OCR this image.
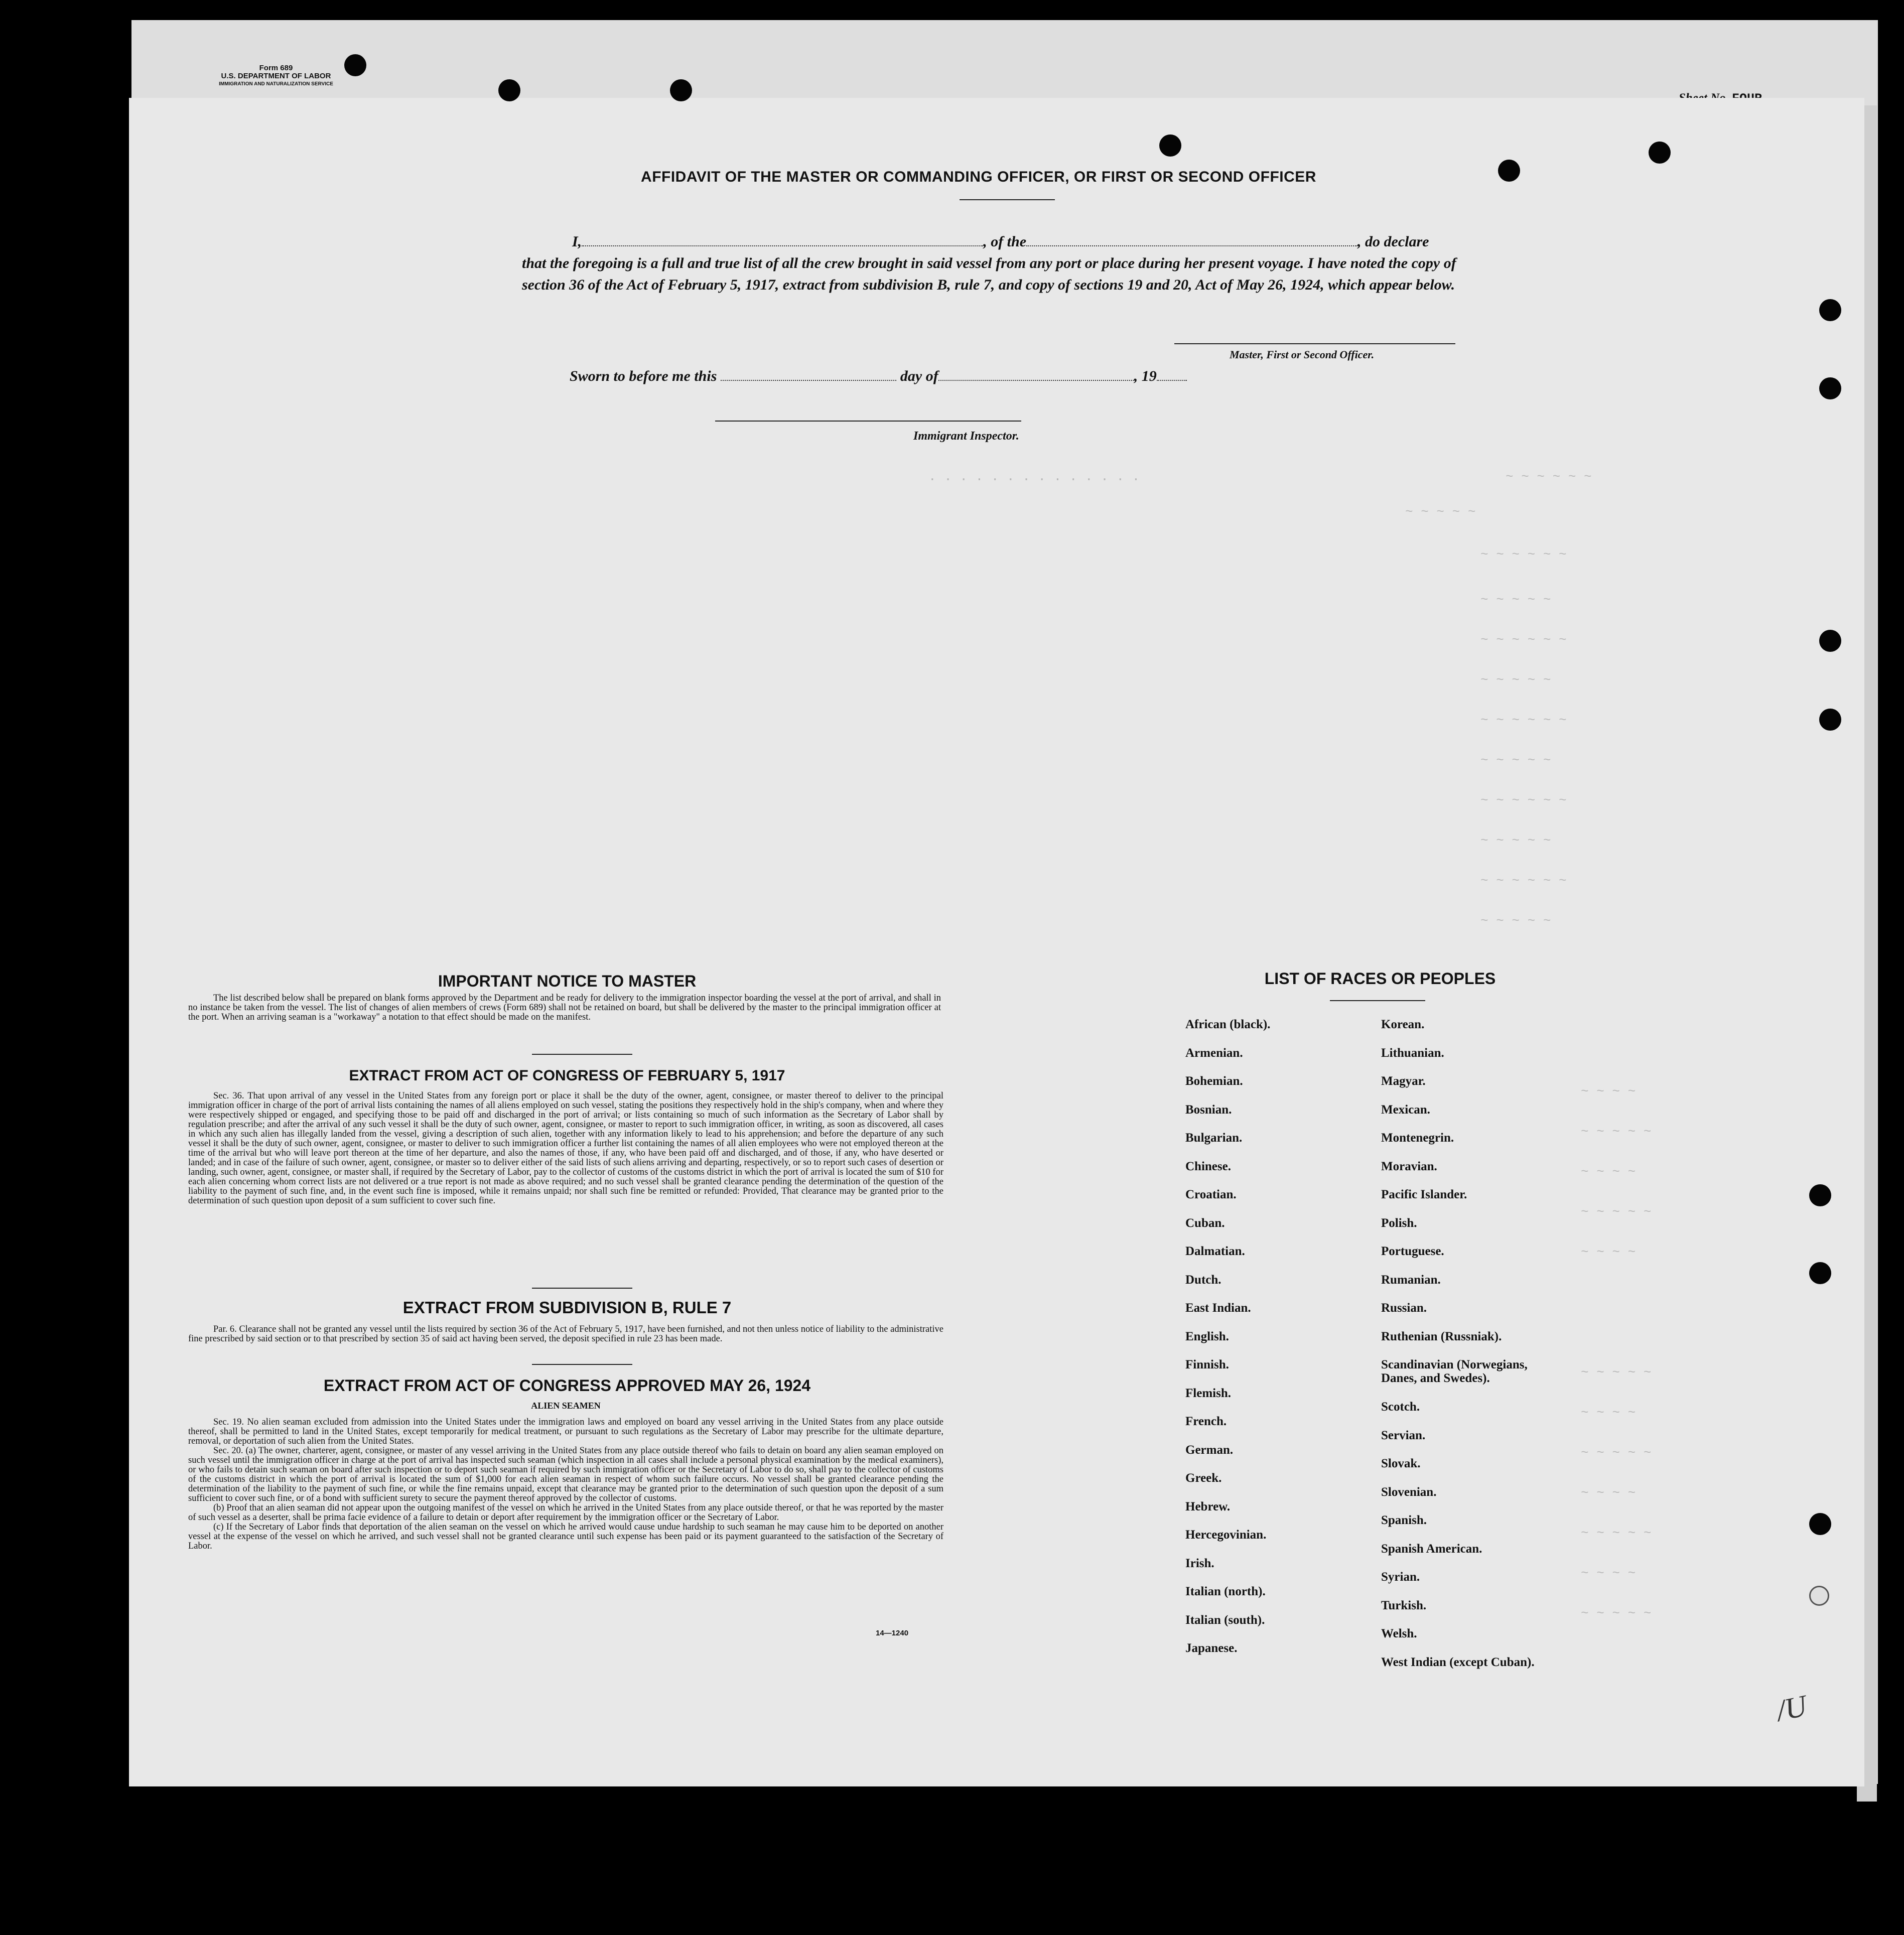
Form 689
U.S. DEPARTMENT OF LABOR
IMMIGRATION AND NATURALIZATION SERVICE
~ ~ ~ ~ ~ ~
. . . . . . . . . . . . . .
~ ~ ~ ~ ~
~ ~ ~ ~ ~ ~
~ ~ ~ ~ ~
~ ~ ~ ~ ~ ~
~ ~ ~ ~ ~
~ ~ ~ ~ ~ ~
~ ~ ~ ~ ~
~ ~ ~ ~ ~ ~
~ ~ ~ ~ ~
~ ~ ~ ~ ~ ~
~ ~ ~ ~ ~
~ ~ ~ ~
~ ~ ~ ~ ~
~ ~ ~ ~
~ ~ ~ ~ ~
~ ~ ~ ~
~ ~ ~ ~ ~
~ ~ ~ ~
~ ~ ~ ~ ~
~ ~ ~ ~
~ ~ ~ ~ ~
~ ~ ~ ~
~ ~ ~ ~ ~
AFFIDAVIT OF THE MASTER OR COMMANDING OFFICER, OR FIRST OR SECOND OFFICER

I,	, of the	, do declare

that the foregoing is a full and true list of all the crew brought in said vessel from any port or place during her present voyage. I have noted the copy of section 36 of the Act of February 5, 1917, extract from subdivision B, rule 7, and copy of sections 19 and 20, Act of May 26, 1924, which appear below.

Master, First or Second Officer.
Sworn to before me this	day of	, 19
Immigrant Inspector.
IMPORTANT NOTICE TO MASTER

The list described below shall be prepared on blank forms approved by the Department and be ready for delivery to the immigration inspector boarding the vessel at the port of arrival, and shall in no instance be taken from the vessel. The list of changes of alien members of crews (Form 689) shall not be retained on board, but shall be delivered by the master to the principal immigration officer at the port. When an arriving seaman is a "workaway" a notation to that effect should be made on the manifest.

EXTRACT FROM ACT OF CONGRESS OF FEBRUARY 5, 1917

Sec. 36. That upon arrival of any vessel in the United States from any foreign port or place it shall be the duty of the owner, agent, consignee, or master thereof to deliver to the principal immigration officer in charge of the port of arrival lists containing the names of all aliens employed on such vessel, stating the positions they respectively hold in the ship's company, when and where they were respectively shipped or engaged, and specifying those to be paid off and discharged in the port of arrival; or lists containing so much of such information as the Secretary of Labor shall by regulation prescribe; and after the arrival of any such vessel it shall be the duty of such owner, agent, consignee, or master to report to such immigration officer, in writing, as soon as discovered, all cases in which any such alien has illegally landed from the vessel, giving a description of such alien, together with any information likely to lead to his apprehension; and before the departure of any such vessel it shall be the duty of such owner, agent, consignee, or master to deliver to such immigration officer a further list containing the names of all alien employees who were not employed thereon at the time of the arrival but who will leave port thereon at the time of her departure, and also the names of those, if any, who have been paid off and discharged, and of those, if any, who have deserted or landed; and in case of the failure of such owner, agent, consignee, or master so to deliver either of the said lists of such aliens arriving and departing, respectively, or so to report such cases of desertion or landing, such owner, agent, consignee, or master shall, if required by the Secretary of Labor, pay to the collector of customs of the customs district in which the port of arrival is located the sum of $10 for each alien concerning whom correct lists are not delivered or a true report is not made as above required; and no such vessel shall be granted clearance pending the determination of the question of the liability to the payment of such fine, and, in the event such fine is imposed, while it remains unpaid; nor shall such fine be remitted or refunded: Provided, That clearance may be granted prior to the determination of such question upon deposit of a sum sufficient to cover such fine.

EXTRACT FROM SUBDIVISION B, RULE 7

Par. 6. Clearance shall not be granted any vessel until the lists required by section 36 of the Act of February 5, 1917, have been furnished, and not then unless notice of liability to the administrative fine prescribed by said section or to that prescribed by section 35 of said act having been served, the deposit specified in rule 23 has been made.

EXTRACT FROM ACT OF CONGRESS APPROVED MAY 26, 1924
ALIEN SEAMEN

Sec. 19. No alien seaman excluded from admission into the United States under the immigration laws and employed on board any vessel arriving in the United States from any place outside thereof, shall be permitted to land in the United States, except temporarily for medical treatment, or pursuant to such regulations as the Secretary of Labor may prescribe for the ultimate departure, removal, or deportation of such alien from the United States.

Sec. 20. (a) The owner, charterer, agent, consignee, or master of any vessel arriving in the United States from any place outside thereof who fails to detain on board any alien seaman employed on such vessel until the immigration officer in charge at the port of arrival has inspected such seaman (which inspection in all cases shall include a personal physical examination by the medical examiners), or who fails to detain such seaman on board after such inspection or to deport such seaman if required by such immigration officer or the Secretary of Labor to do so, shall pay to the collector of customs of the customs district in which the port of arrival is located the sum of $1,000 for each alien seaman in respect of whom such failure occurs. No vessel shall be granted clearance pending the determination of the liability to the payment of such fine, or while the fine remains unpaid, except that clearance may be granted prior to the determination of such question upon the deposit of a sum sufficient to cover such fine, or of a bond with sufficient surety to secure the payment thereof approved by the collector of customs.

(b) Proof that an alien seaman did not appear upon the outgoing manifest of the vessel on which he arrived in the United States from any place outside thereof, or that he was reported by the master of such vessel as a deserter, shall be prima facie evidence of a failure to detain or deport after requirement by the immigration officer or the Secretary of Labor.

(c) If the Secretary of Labor finds that deportation of the alien seaman on the vessel on which he arrived would cause undue hardship to such seaman he may cause him to be deported on another vessel at the expense of the vessel on which he arrived, and such vessel shall not be granted clearance until such expense has been paid or its payment guaranteed to the satisfaction of the Secretary of Labor.

14—1240
LIST OF RACES OR PEOPLES
African (black).
Armenian.
Bohemian.
Bosnian.
Bulgarian.
Chinese.
Croatian.
Cuban.
Dalmatian.
Dutch.
East Indian.
English.
Finnish.
Flemish.
French.
German.
Greek.
Hebrew.
Hercegovinian.
Irish.
Italian (north).
Italian (south).
Japanese.
Korean.
Lithuanian.
Magyar.
Mexican.
Montenegrin.
Moravian.
Pacific Islander.
Polish.
Portuguese.
Rumanian.
Russian.
Ruthenian (Russniak).
Scandinavian (Norwegians, Danes, and Swedes).
Scotch.
Servian.
Slovak.
Slovenian.
Spanish.
Spanish American.
Syrian.
Turkish.
Welsh.
West Indian (except Cuban).
/U
